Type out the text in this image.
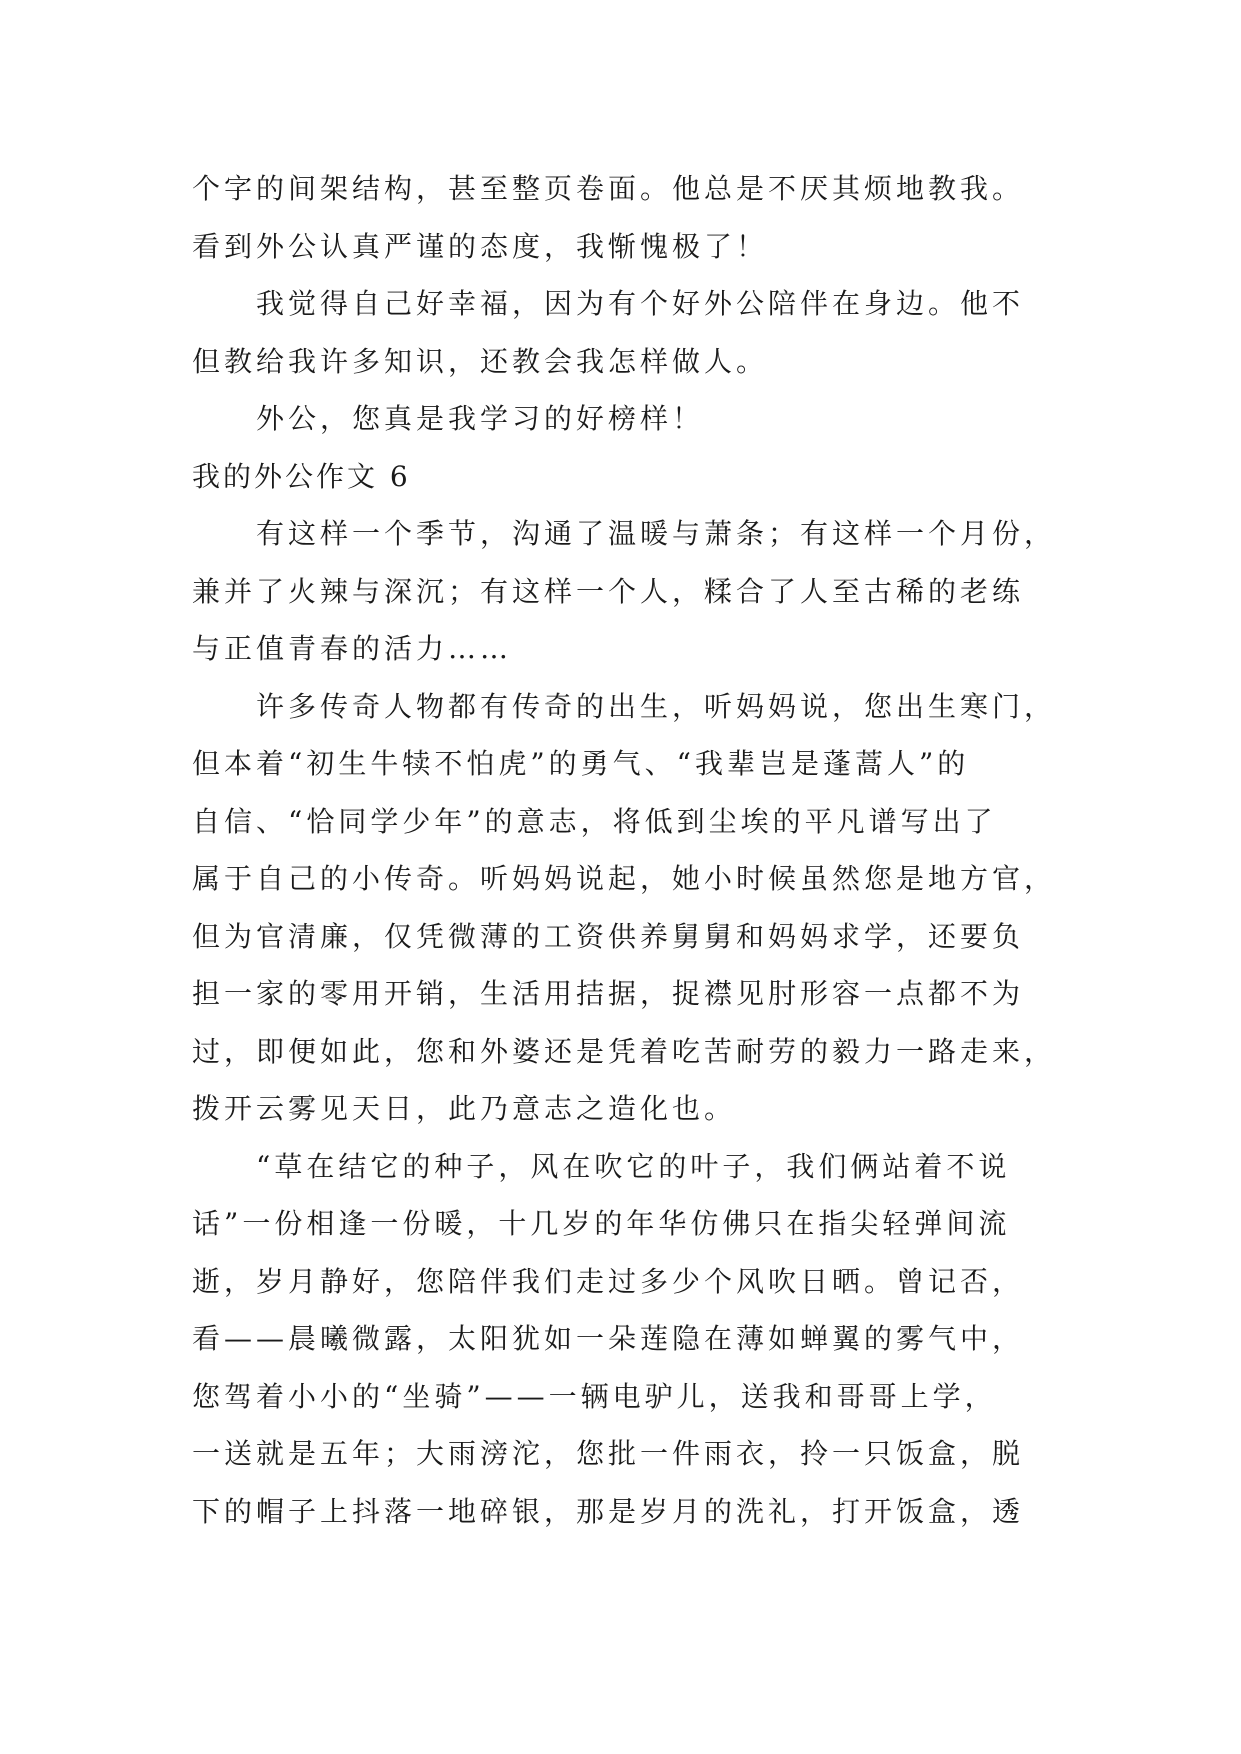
个字的间架结构，甚至整页卷面。他总是不厌其烦地教我。
看到外公认真严谨的态度，我惭愧极了！
我觉得自己好幸福，因为有个好外公陪伴在身边。他不
但教给我许多知识，还教会我怎样做人。
外公，您真是我学习的好榜样！
我的外公作文 6
有这样一个季节，沟通了温暖与萧条；有这样一个月份，
兼并了火辣与深沉；有这样一个人，糅合了人至古稀的老练
与正值青春的活力……
许多传奇人物都有传奇的出生，听妈妈说，您出生寒门，
但本着“初生牛犊不怕虎”的勇气、“我辈岂是蓬蒿人”的
自信、“恰同学少年”的意志，将低到尘埃的平凡谱写出了
属于自己的小传奇。听妈妈说起，她小时候虽然您是地方官，
但为官清廉，仅凭微薄的工资供养舅舅和妈妈求学，还要负
担一家的零用开销，生活用拮据，捉襟见肘形容一点都不为
过，即便如此，您和外婆还是凭着吃苦耐劳的毅力一路走来，
拨开云雾见天日，此乃意志之造化也。
“草在结它的种子，风在吹它的叶子，我们俩站着不说
话”一份相逢一份暖，十几岁的年华仿佛只在指尖轻弹间流
逝，岁月静好，您陪伴我们走过多少个风吹日晒。曾记否，
看——晨曦微露，太阳犹如一朵莲隐在薄如蝉翼的雾气中，
您驾着小小的“坐骑”——一辆电驴儿，送我和哥哥上学，
一送就是五年；大雨滂沱，您批一件雨衣，拎一只饭盒，脱
下的帽子上抖落一地碎银，那是岁月的洗礼，打开饭盒，透
